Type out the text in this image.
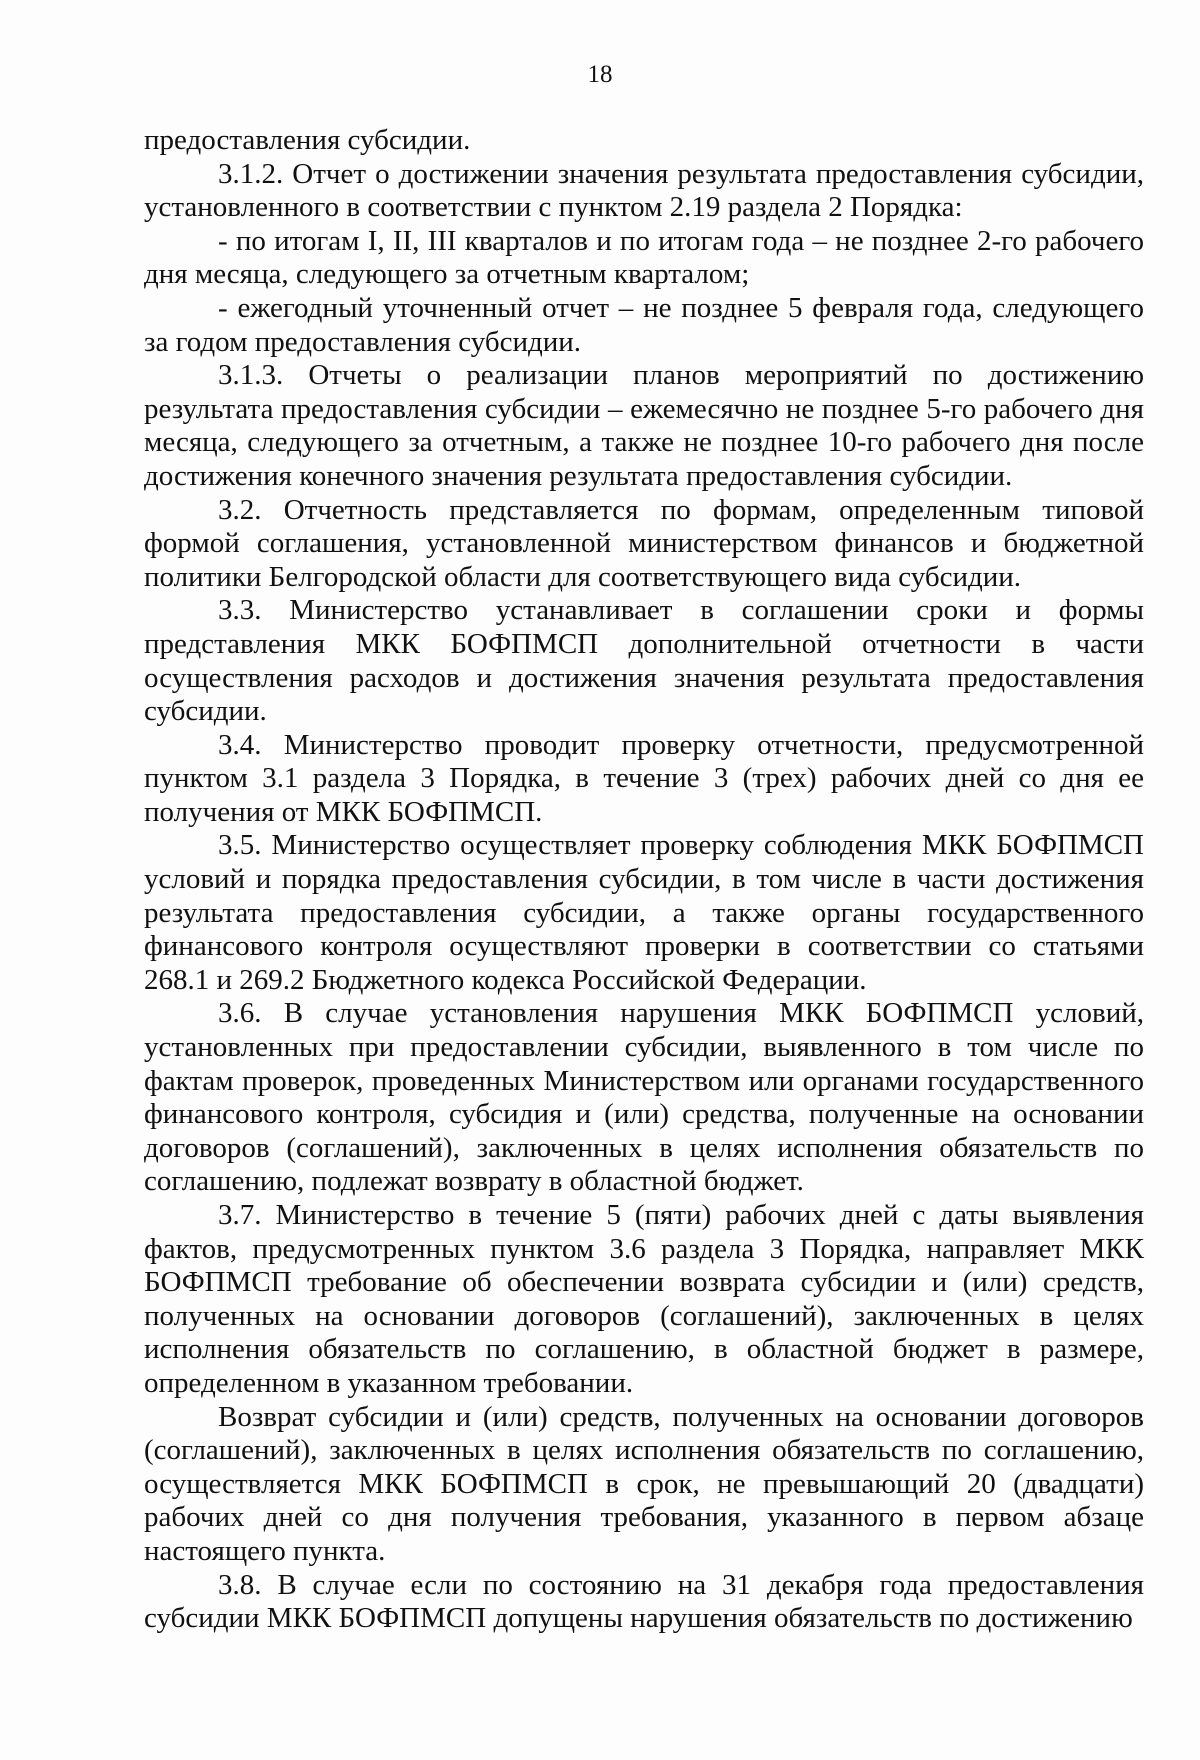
18

предоставления субсидии.

3.1.2. Отчет о достижении значения результата предоставления субсидии, установленного в соответствии с пунктом 2.19 раздела 2 Порядка:

- по итогам I, II, III кварталов и по итогам года – не позднее 2-го рабочего дня месяца, следующего за отчетным кварталом;

- ежегодный уточненный отчет – не позднее 5 февраля года, следующего за годом предоставления субсидии.

3.1.3. Отчеты о реализации планов мероприятий по достижению результата предоставления субсидии – ежемесячно не позднее 5-го рабочего дня месяца, следующего за отчетным, а также не позднее 10-го рабочего дня после достижения конечного значения результата предоставления субсидии.

3.2. Отчетность представляется по формам, определенным типовой формой соглашения, установленной министерством финансов и бюджетной политики Белгородской области для соответствующего вида субсидии.

3.3. Министерство устанавливает в соглашении сроки и формы представления МКК БОФПМСП дополнительной отчетности в части осуществления расходов и достижения значения результата предоставления субсидии.

3.4. Министерство проводит проверку отчетности, предусмотренной пунктом 3.1 раздела 3 Порядка, в течение 3 (трех) рабочих дней со дня ее получения от МКК БОФПМСП.

3.5. Министерство осуществляет проверку соблюдения МКК БОФПМСП условий и порядка предоставления субсидии, в том числе в части достижения результата предоставления субсидии, а также органы государственного финансового контроля осуществляют проверки в соответствии со статьями 268.1 и 269.2 Бюджетного кодекса Российской Федерации.

3.6. В случае установления нарушения МКК БОФПМСП условий, установленных при предоставлении субсидии, выявленного в том числе по фактам проверок, проведенных Министерством или органами государственного финансового контроля, субсидия и (или) средства, полученные на основании договоров (соглашений), заключенных в целях исполнения обязательств по соглашению, подлежат возврату в областной бюджет.

3.7. Министерство в течение 5 (пяти) рабочих дней с даты выявления фактов, предусмотренных пунктом 3.6 раздела 3 Порядка, направляет МКК БОФПМСП требование об обеспечении возврата субсидии и (или) средств, полученных на основании договоров (соглашений), заключенных в целях исполнения обязательств по соглашению, в областной бюджет в размере, определенном в указанном требовании.

Возврат субсидии и (или) средств, полученных на основании договоров (соглашений), заключенных в целях исполнения обязательств по соглашению, осуществляется МКК БОФПМСП в срок, не превышающий 20 (двадцати) рабочих дней со дня получения требования, указанного в первом абзаце настоящего пункта.

3.8. В случае если по состоянию на 31 декабря года предоставления субсидии МКК БОФПМСП допущены нарушения обязательств по достижению
